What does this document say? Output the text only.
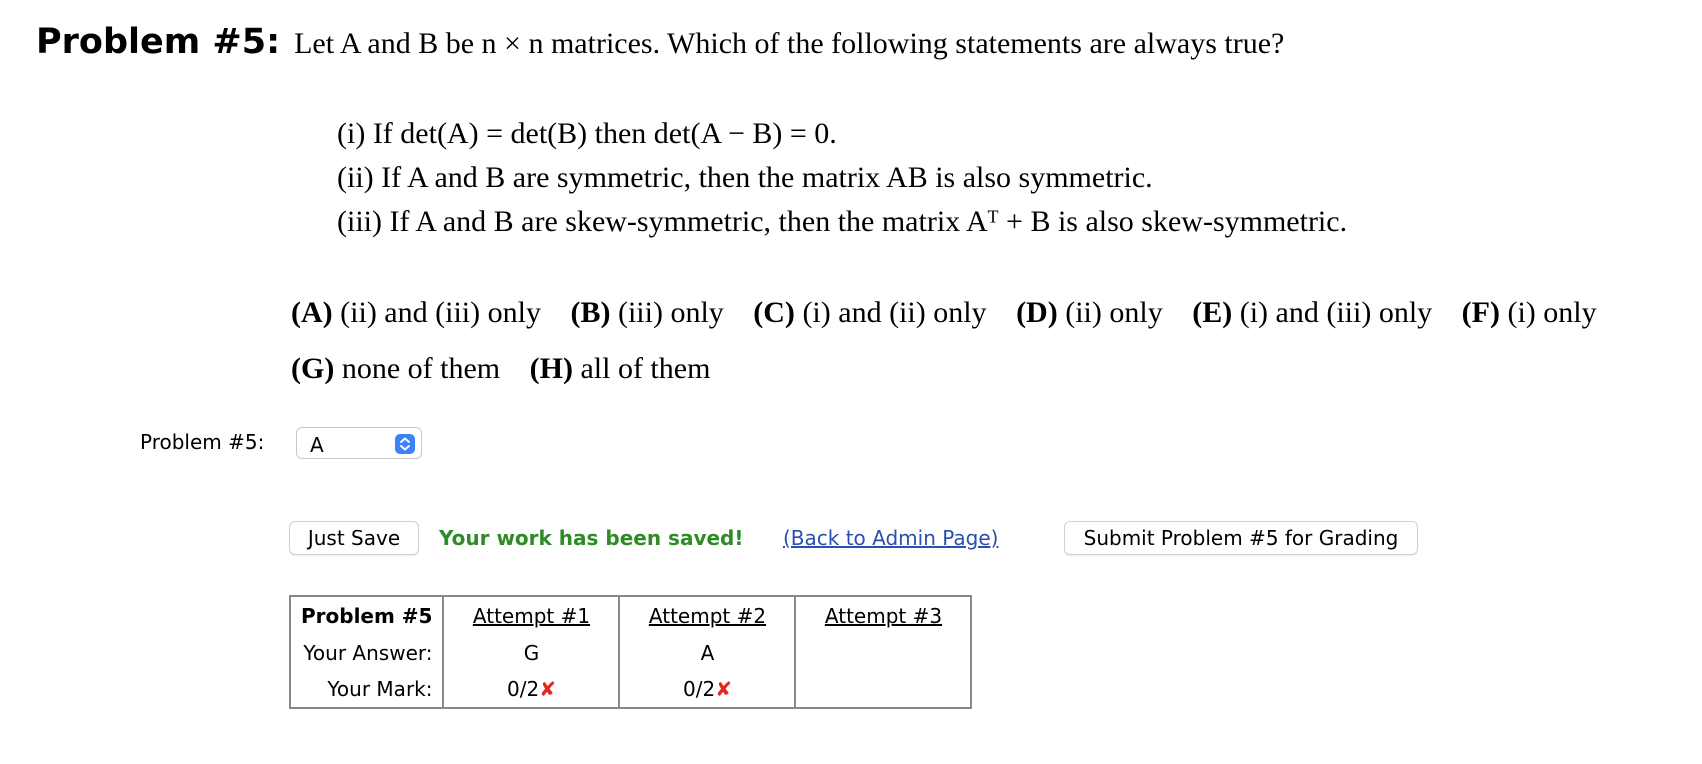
Problem #5: Let A and B be n × n matrices. Which of the following statements are always true?
(i) If det(A) = det(B) then det(A − B) = 0.
(ii) If A and B are symmetric, then the matrix AB is also symmetric.
(iii) If A and B are skew-symmetric, then the matrix Aᵀ + B is also skew-symmetric.
(A) (ii) and (iii) only (B) (iii) only (C) (i) and (ii) only (D) (ii) only (E) (i) and (iii) only (F) (i) only
(G) none of them (H) all of them
Problem #5: A
Just Save	Your work has been saved! (Back to Admin Page)	Submit Problem #5 for Grading
Problem #5	Attempt #1	Attempt #2	Attempt #3
Your Answer:	G	A	
Your Mark:	0/2✘	0/2✘	
